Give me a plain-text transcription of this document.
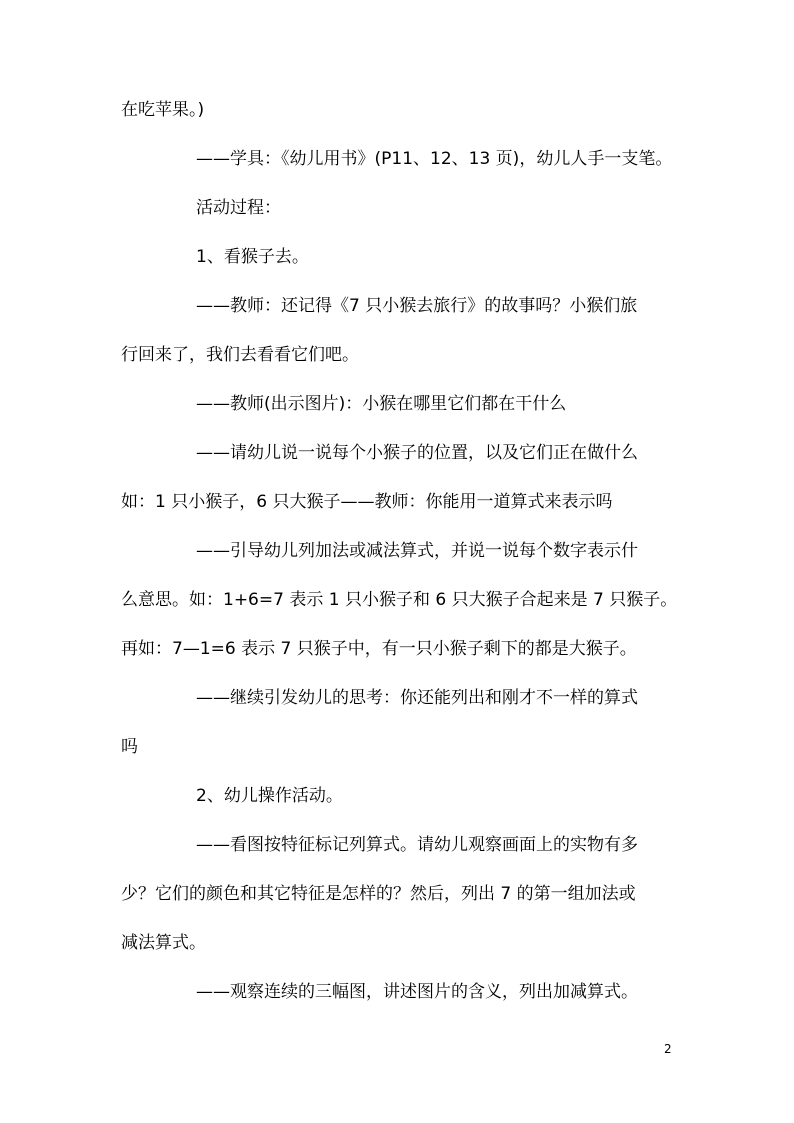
在吃苹果。)

——学具：《幼儿用书》(P11、12、13 页)，幼儿人手一支笔。

活动过程：

1、看猴子去。

——教师：还记得《7 只小猴去旅行》的故事吗？小猴们旅

行回来了，我们去看看它们吧。

——教师(出示图片)：小猴在哪里它们都在干什么

——请幼儿说一说每个小猴子的位置，以及它们正在做什么

如：1 只小猴子，6 只大猴子——教师：你能用一道算式来表示吗

——引导幼儿列加法或减法算式，并说一说每个数字表示什

么意思。如：1+6=7 表示 1 只小猴子和 6 只大猴子合起来是 7 只猴子。

再如：7—1=6 表示 7 只猴子中，有一只小猴子剩下的都是大猴子。

——继续引发幼儿的思考：你还能列出和刚才不一样的算式

吗

2、幼儿操作活动。

——看图按特征标记列算式。请幼儿观察画面上的实物有多

少？它们的颜色和其它特征是怎样的？然后，列出 7 的第一组加法或

减法算式。

——观察连续的三幅图，讲述图片的含义，列出加减算式。

2
